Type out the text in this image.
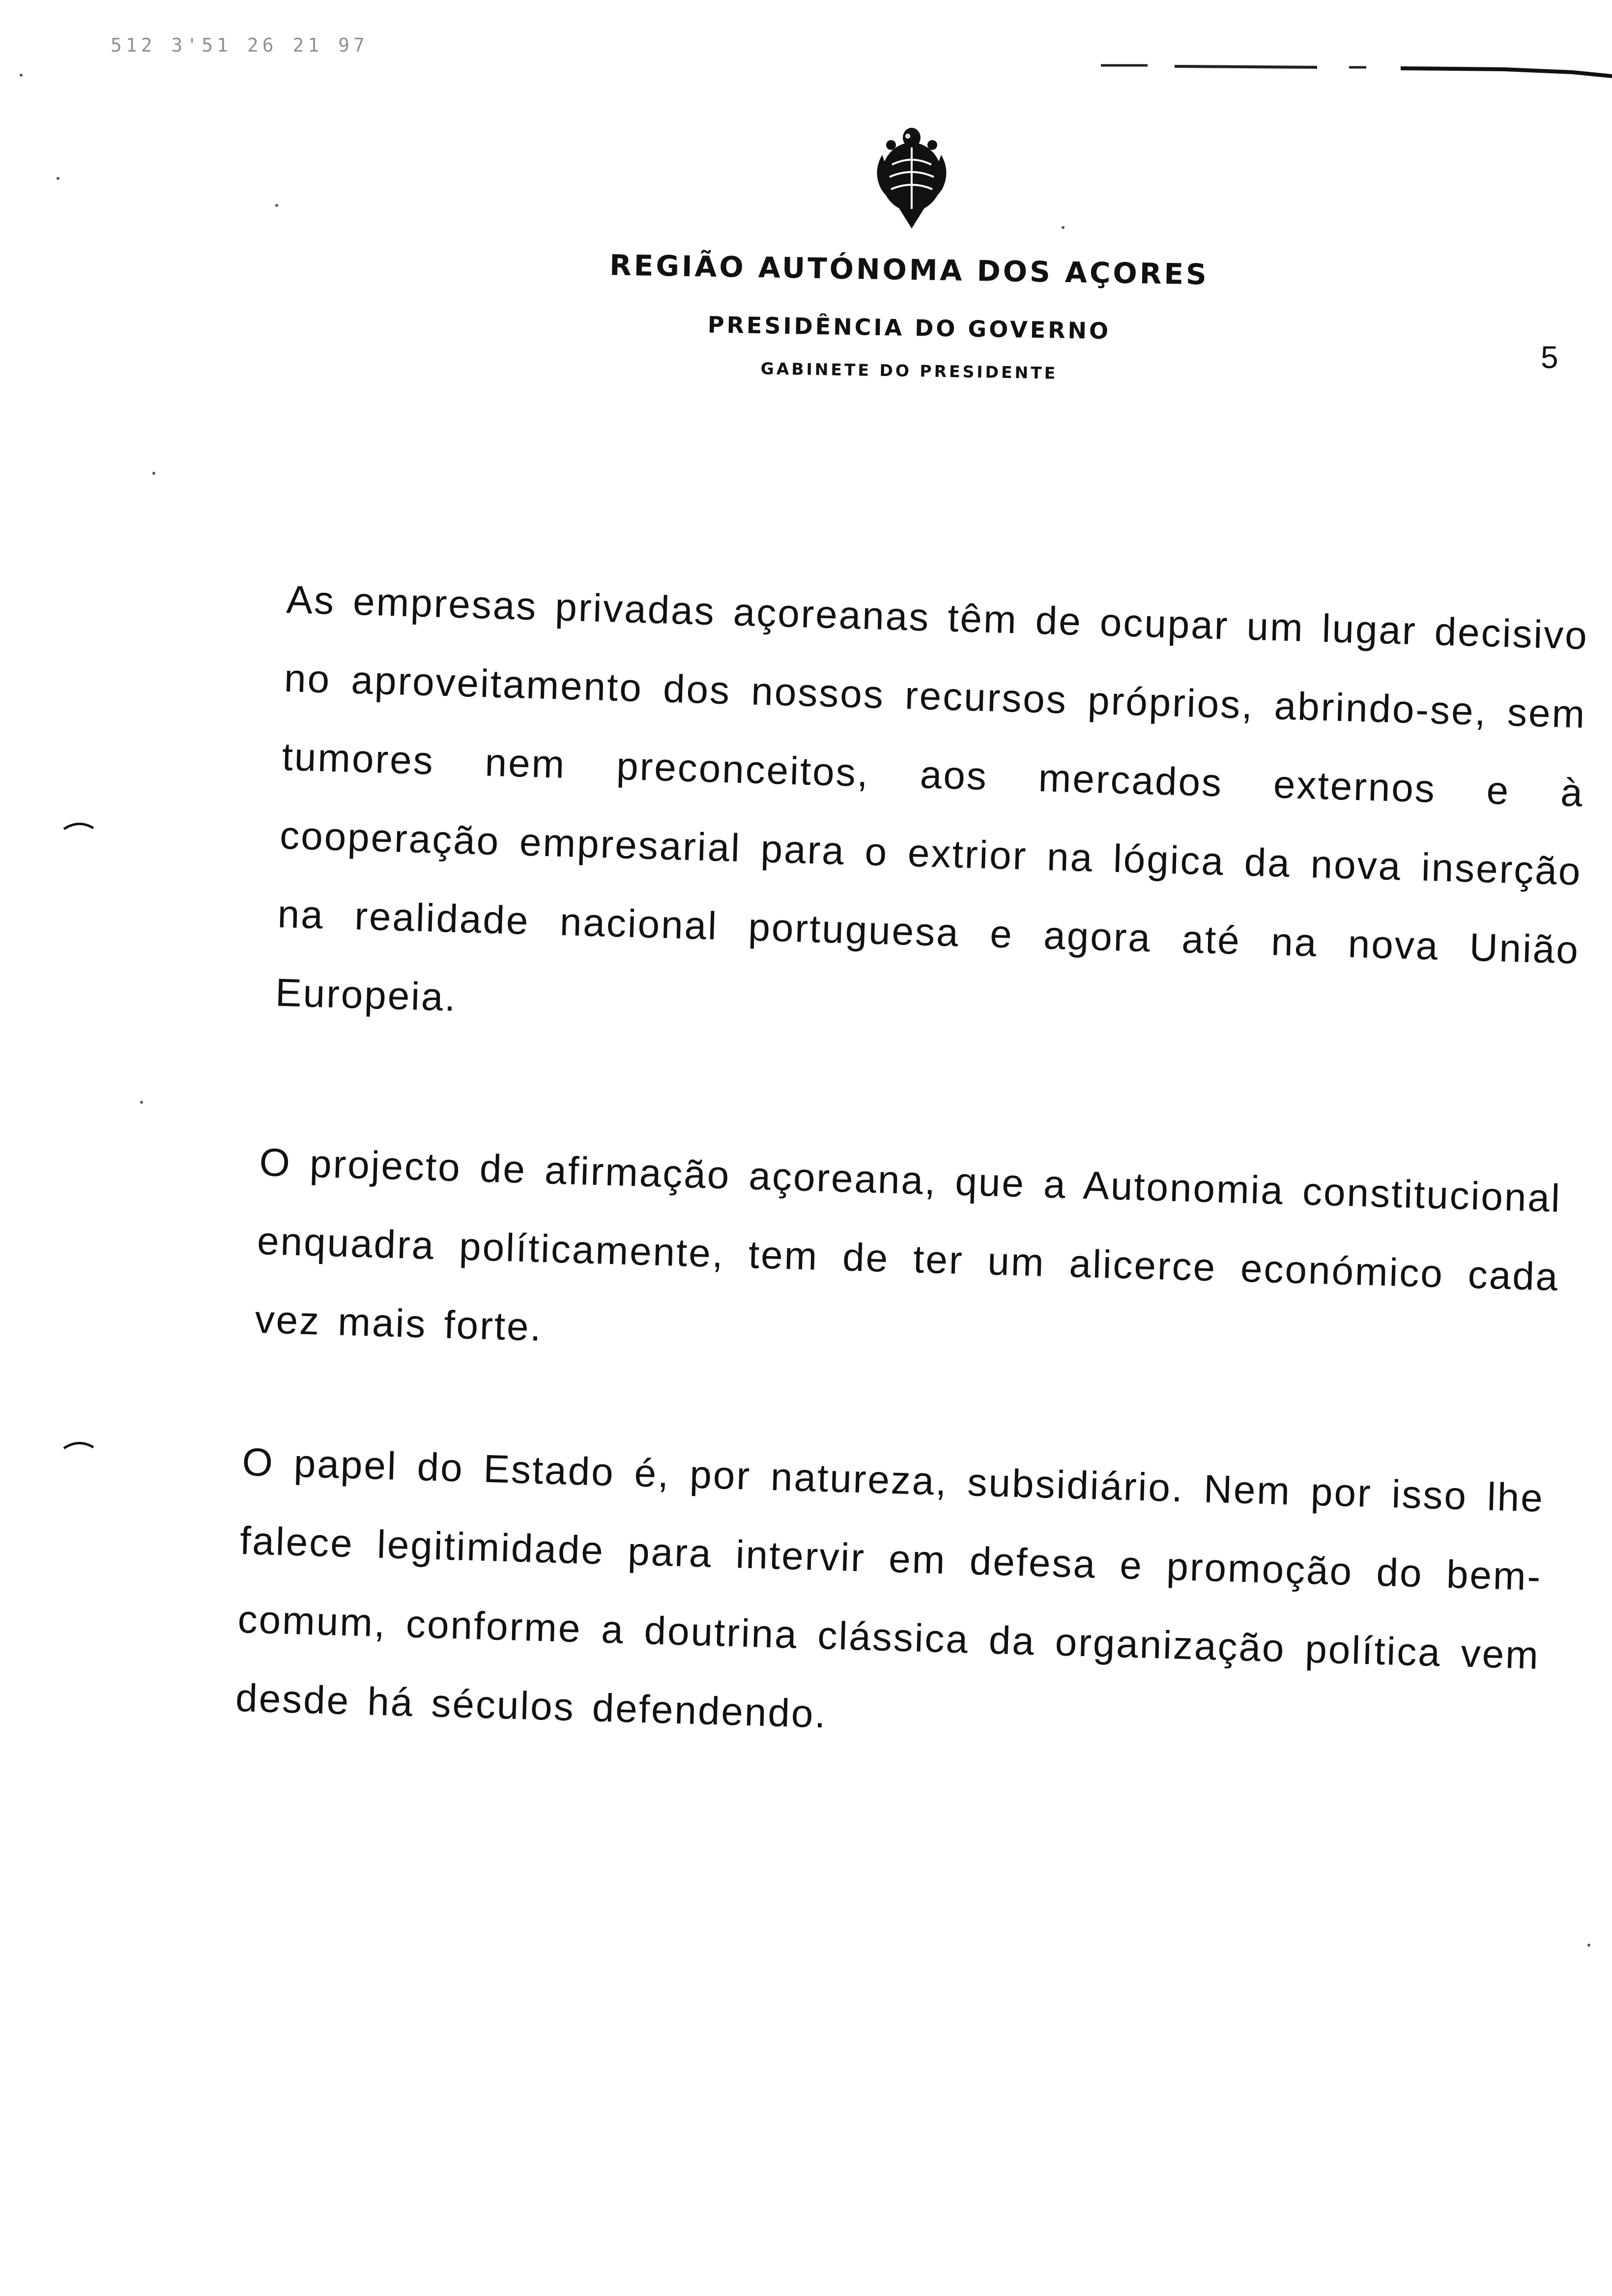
512 3'51 26 21 97
REGIÃO AUTÓNOMA DOS AÇORES
PRESIDÊNCIA DO GOVERNO
GABINETE DO PRESIDENTE	5
As empresas privadas açoreanas têm de ocupar um lugar decisivo no aproveitamento dos nossos recursos próprios, abrindo-se, sem tumores nem preconceitos, aos mercados externos e à cooperação empresarial para o extrior na lógica da nova inserção na realidade nacional portuguesa e agora até na nova União Europeia.
O projecto de afirmação açoreana, que a Autonomia constitucional enquadra políticamente, tem de ter um alicerce económico cada vez mais forte.
O papel do Estado é, por natureza, subsidiário. Nem por isso lhe falece legitimidade para intervir em defesa e promoção do bem-comum, conforme a doutrina clássica da organização política vem desde há séculos defendendo.
